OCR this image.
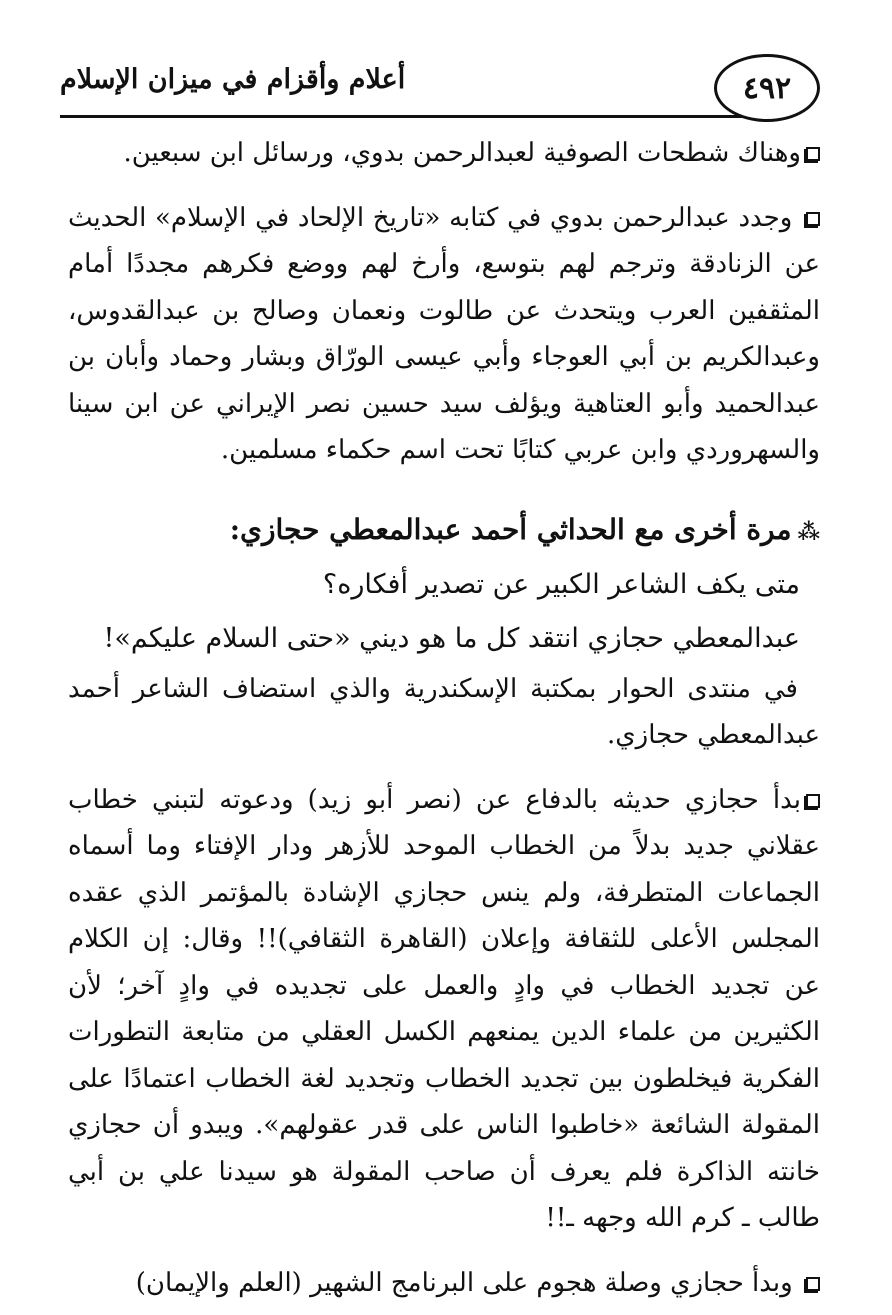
٤٩٢
أعلام وأقزام في ميزان الإسلام

وهناك شطحات الصوفية لعبدالرحمن بدوي، ورسائل ابن سبعين.

وجدد عبدالرحمن بدوي في كتابه «تاريخ الإلحاد في الإسلام» الحديث عن الزنادقة وترجم لهم بتوسع، وأرخ لهم ووضع فكرهم مجددًا أمام المثقفين العرب ويتحدث عن طالوت ونعمان وصالح بن عبدالقدوس، وعبدالكريم بن أبي العوجاء وأبي عيسى الورّاق وبشار وحماد وأبان بن عبدالحميد وأبو العتاهية ويؤلف سيد حسين نصر الإيراني عن ابن سينا والسهروردي وابن عربي كتابًا تحت اسم حكماء مسلمين.

⁂مرة أخرى مع الحداثي أحمد عبدالمعطي حجازي:

متى يكف الشاعر الكبير عن تصدير أفكاره؟

عبدالمعطي حجازي انتقد كل ما هو ديني «حتى السلام عليكم»!

في منتدى الحوار بمكتبة الإسكندرية والذي استضاف الشاعر أحمد عبدالمعطي حجازي.

بدأ حجازي حديثه بالدفاع عن (نصر أبو زيد) ودعوته لتبني خطاب عقلاني جديد بدلاً من الخطاب الموحد للأزهر ودار الإفتاء وما أسماه الجماعات المتطرفة، ولم ينس حجازي الإشادة بالمؤتمر الذي عقده المجلس الأعلى للثقافة وإعلان (القاهرة الثقافي)!! وقال: إن الكلام عن تجديد الخطاب في وادٍ والعمل على تجديده في وادٍ آخر؛ لأن الكثيرين من علماء الدين يمنعهم الكسل العقلي من متابعة التطورات الفكرية فيخلطون بين تجديد الخطاب وتجديد لغة الخطاب اعتمادًا على المقولة الشائعة «خاطبوا الناس على قدر عقولهم». ويبدو أن حجازي خانته الذاكرة فلم يعرف أن صاحب المقولة هو سيدنا علي بن أبي طالب ـ كرم الله وجهه ـ!!

وبدأ حجازي وصلة هجوم على البرنامج الشهير (العلم والإيمان)
